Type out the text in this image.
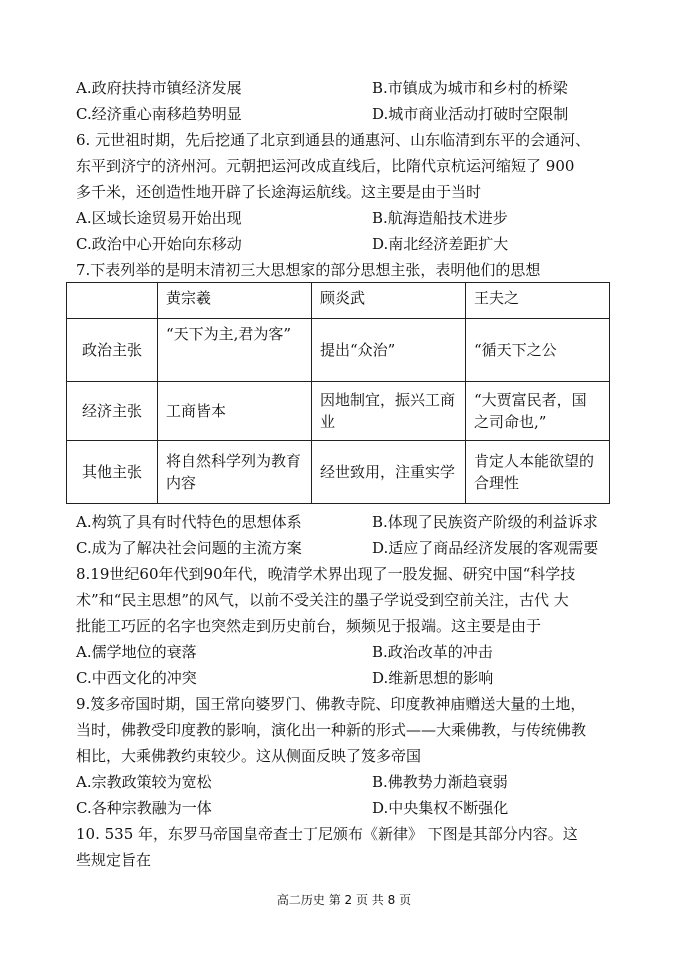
A.政府扶持市镇经济发展	B.市镇成为城市和乡村的桥梁
C.经济重心南移趋势明显	D.城市商业活动打破时空限制
6. 元世祖时期，先后挖通了北京到通县的通惠河、山东临清到东平的会通河、
东平到济宁的济州河。元朝把运河改成直线后，比隋代京杭运河缩短了 900
多千米，还创造性地开辟了长途海运航线。这主要是由于当时
A.区域长途贸易开始出现	B.航海造船技术进步
C.政治中心开始向东移动	D.南北经济差距扩大
7.下表列举的是明末清初三大思想家的部分思想主张，表明他们的思想
	黄宗羲	顾炎武	王夫之
政治主张	“天下为主,君为客”	提出“众治”	“循天下之公
经济主张	工商皆本	因地制宜，振兴工商业	“大贾富民者，国之司命也,”
其他主张	将自然科学列为教育内容	经世致用，注重实学	肯定人本能欲望的合理性
A.构筑了具有时代特色的思想体系	B.体现了民族资产阶级的利益诉求
C.成为了解决社会问题的主流方案	D.适应了商品经济发展的客观需要
8.19世纪60年代到90年代，晚清学术界出现了一股发掘、研究中国“科学技
术”和“民主思想”的风气，以前不受关注的墨子学说受到空前关注，古代 大
批能工巧匠的名字也突然走到历史前台，频频见于报端。这主要是由于
A.儒学地位的衰落	B.政治改革的冲击
C.中西文化的冲突	D.维新思想的影响
9.笈多帝国时期，国王常向婆罗门、佛教寺院、印度教神庙赠送大量的土地，
当时，佛教受印度教的影响，演化出一种新的形式——大乘佛教，与传统佛教
相比，大乘佛教约束较少。这从侧面反映了笈多帝国
A.宗教政策较为宽松	B.佛教势力渐趋衰弱
C.各种宗教融为一体	D.中央集权不断强化
10. 535 年，东罗马帝国皇帝查士丁尼颁布《新律》 下图是其部分内容。这
些规定旨在
高二历史 第 2 页 共 8 页
